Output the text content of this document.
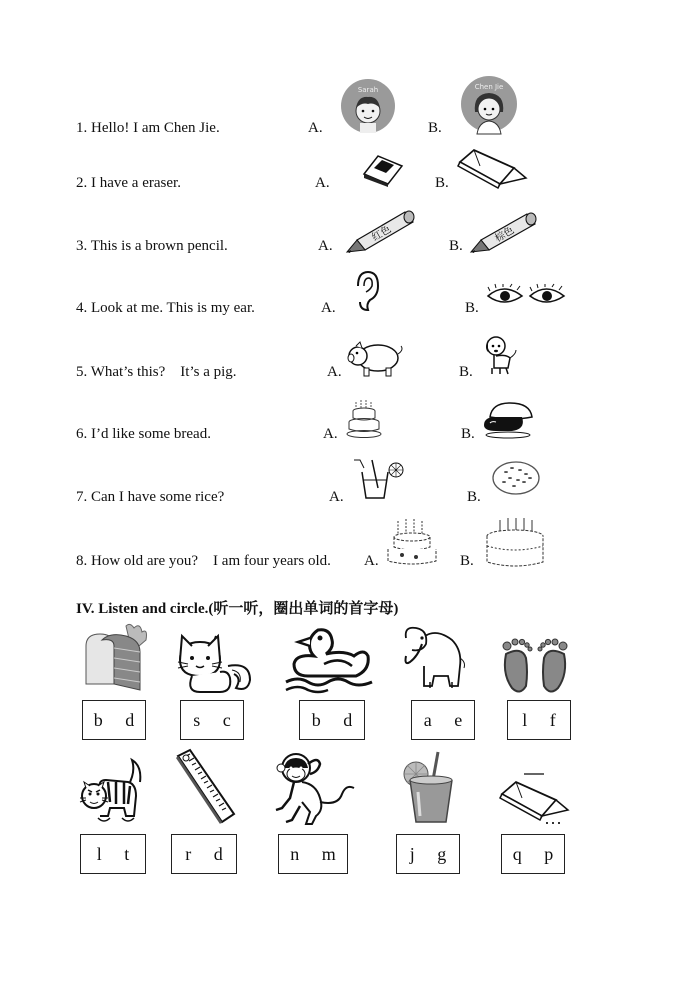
1. Hello! I am Chen Jie.	A.
Sarah
B.
Chen Jie
2. I have a eraser.	A.	B.
3. This is a brown pencil.	A.
红色
B.
棕色
4. Look at me. This is my ear.	A.	B.
5. What’s this?    It’s a pig.	A.	B.
6. I’d like some bread.	A.	B.
7. Can I have some rice?	A.	B.
8. How old are you?    I am four years old. A.	B.
IV. Listen and circle.(听一听，圈出单词的首字母)
b d	s c	b d	a e	l f
l t	r d	n m	j g	q p
